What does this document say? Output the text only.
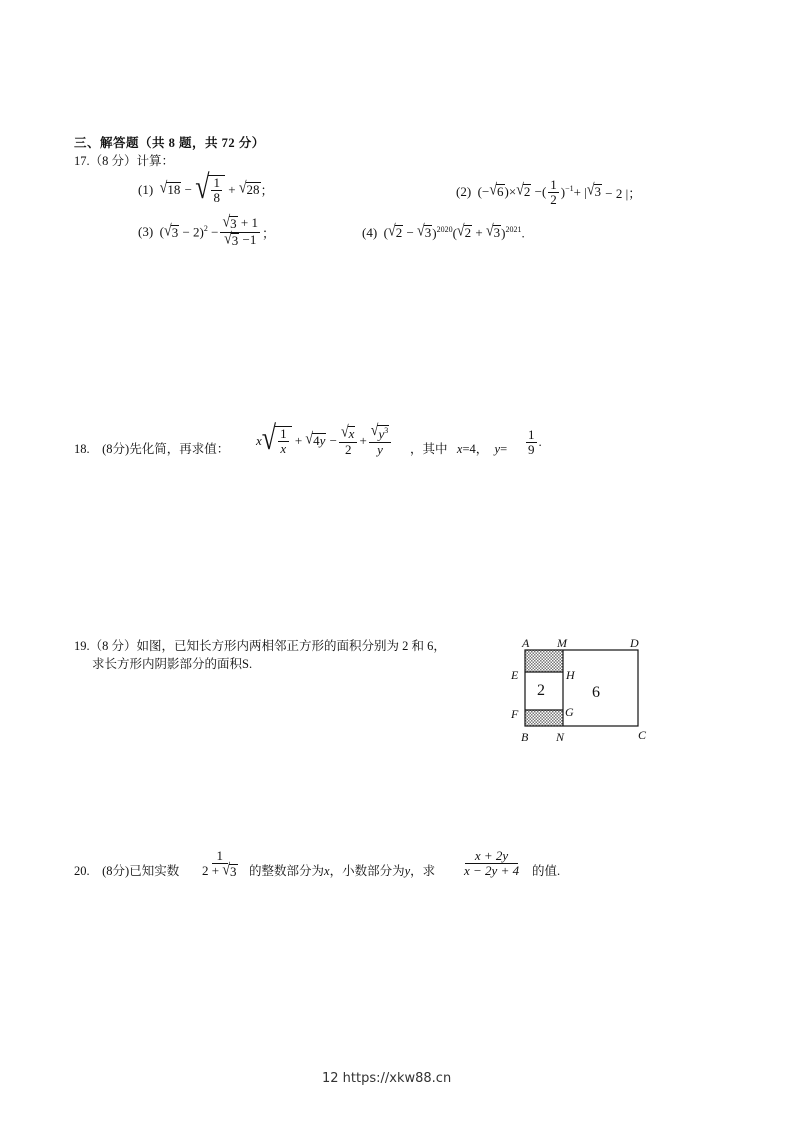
三、解答题（共 8 题，共 72 分）
17.（8 分）计算：
(1) √ 18 − √ $\frac{1}{8}$ + √ 28 ；	(2)  (− √ 6 )× √ 2 −( $\frac{1}{2} )^{-1}+$ | √ 3 − 2 |；
(3)  ( √ $3 - 2)^2 - \frac{√ 3 + 1}{√ 3 -1}$ ；	(4)  ( √ 2 − √ 3 )$^{2020}$( √ 2 + √ 3 )$^{2021}$.
18. (8分)先化简，再求值：
x √ $\frac{1}{x}$ + √ $4y - \frac{√ x}{2} + \frac{√ y^3}{y}$ ，其中   x=4，  $y= \frac{1}{9}$ .
19.（8 分）如图，已知长方形内两相邻正方形的面积分别为 2 和 6，
求长方形内阴影部分的面积S.
A M	D
E	H
F	G
B N	C
2	6
20. (8分)已知实数 $\frac{1}{2 + √ 3}$ 的整数部分为x，小数部分为y，求 $\frac{x + 2y}{x - 2y + 4}$ 的值.
12 https://xkw88.cn
